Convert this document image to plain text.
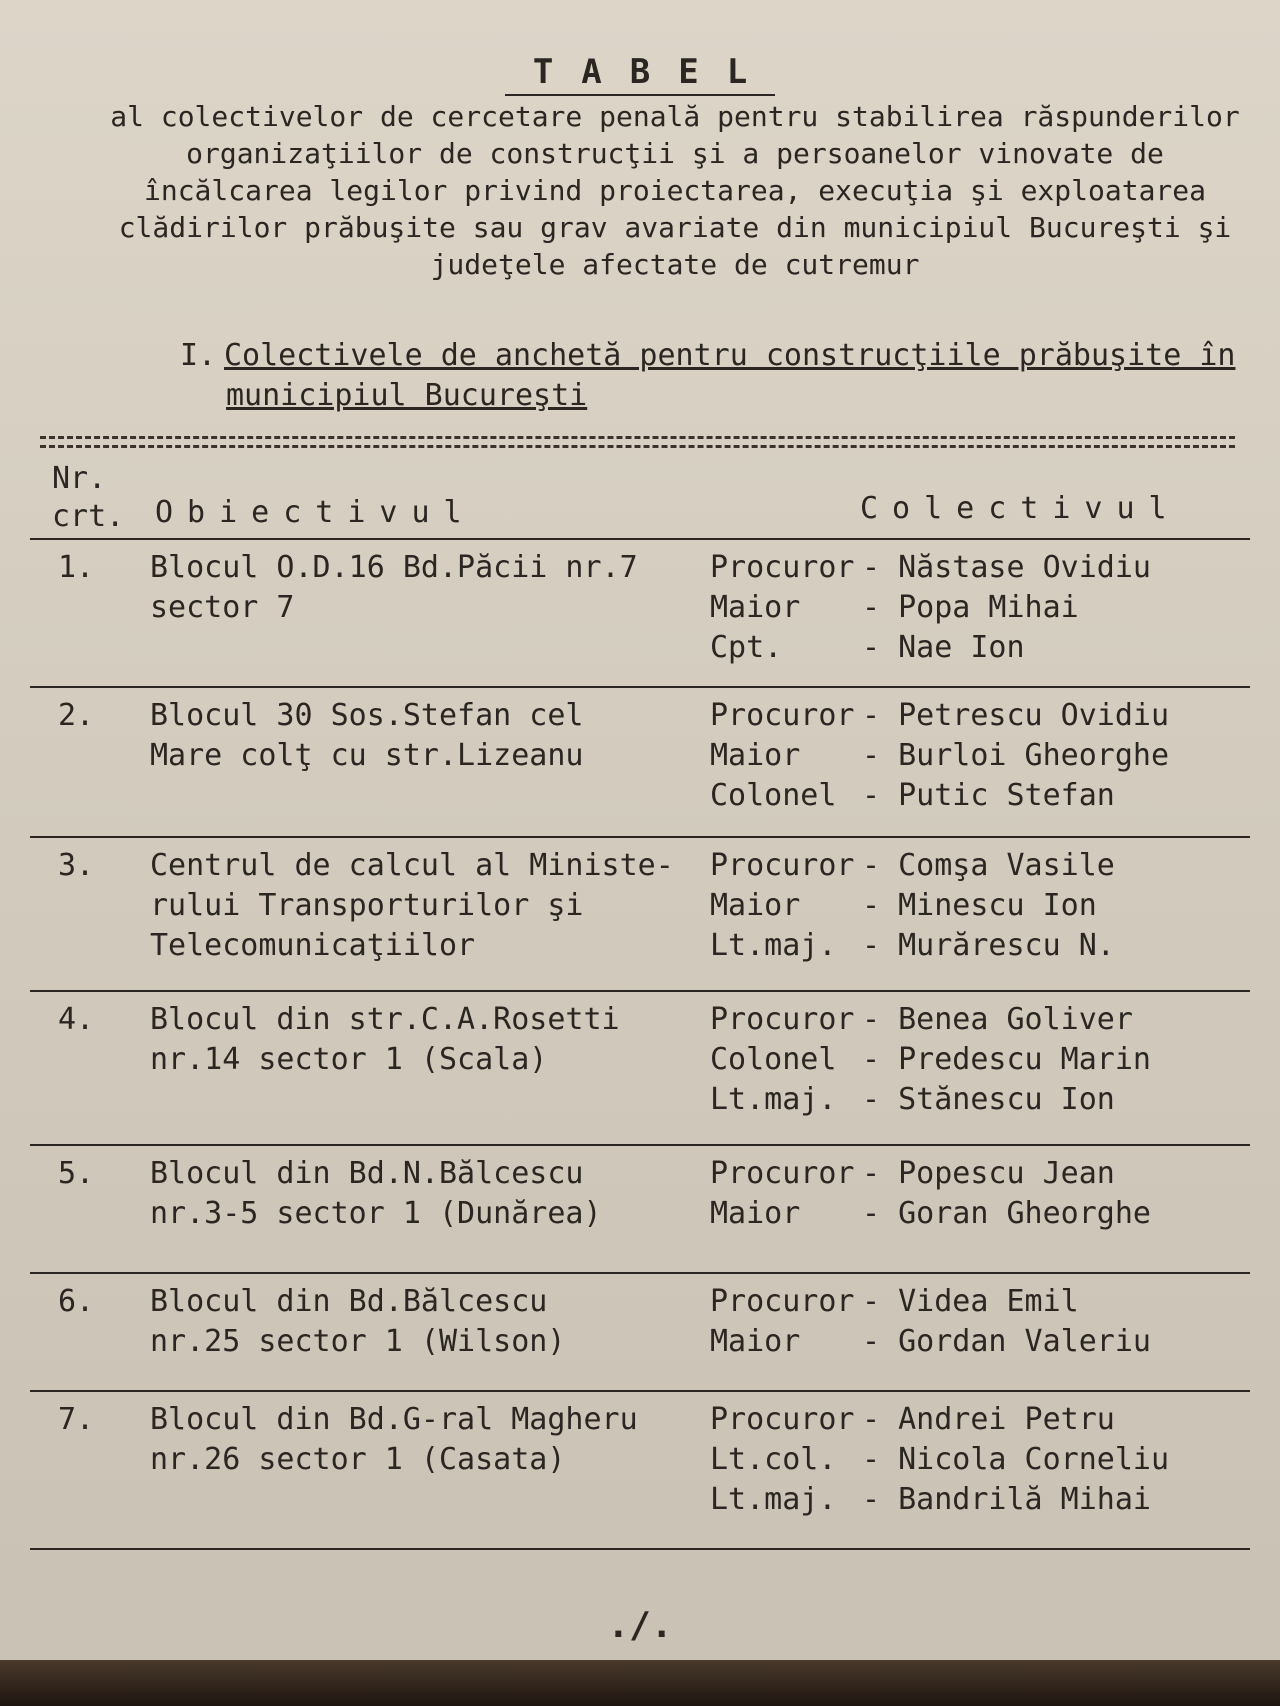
TABEL
al colectivelor de cercetare penală pentru stabilirea răspunderilor organizaţiilor de construcţii şi a persoanelor vinovate de încălcarea legilor privind proiectarea, execuţia şi exploatarea clădirilor prăbuşite sau grav avariate din municipiul Bucureşti şi judeţele afectate de cutremur
I. Colectivele de anchetă pentru construcţiile prăbuşite în
municipiul Bucureşti
Nr.
crt. Obiectivul	Colectivul
1. Blocul O.D.16 Bd.Păcii nr.7
sector 7
Procuror
Maior
Cpt.
- Năstase Ovidiu
- Popa Mihai
- Nae Ion
2. Blocul 30 Sos.Stefan cel
Mare colţ cu str.Lizeanu
Procuror
Maior
Colonel
- Petrescu Ovidiu
- Burloi Gheorghe
- Putic Stefan
3. Centrul de calcul al Ministe-
rului Transporturilor şi
Telecomunicaţiilor
Procuror
Maior
Lt.maj.
- Comşa Vasile
- Minescu Ion
- Murărescu N.
4. Blocul din str.C.A.Rosetti
nr.14 sector 1 (Scala)
Procuror
Colonel
Lt.maj.
- Benea Goliver
- Predescu Marin
- Stănescu Ion
5. Blocul din Bd.N.Bălcescu
nr.3-5 sector 1 (Dunărea)
Procuror
Maior
- Popescu Jean
- Goran Gheorghe
6. Blocul din Bd.Bălcescu
nr.25 sector 1 (Wilson)
Procuror
Maior
- Videa Emil
- Gordan Valeriu
7. Blocul din Bd.G-ral Magheru
nr.26 sector 1 (Casata)
Procuror
Lt.col.
Lt.maj.
- Andrei Petru
- Nicola Corneliu
- Bandrilă Mihai
./.
